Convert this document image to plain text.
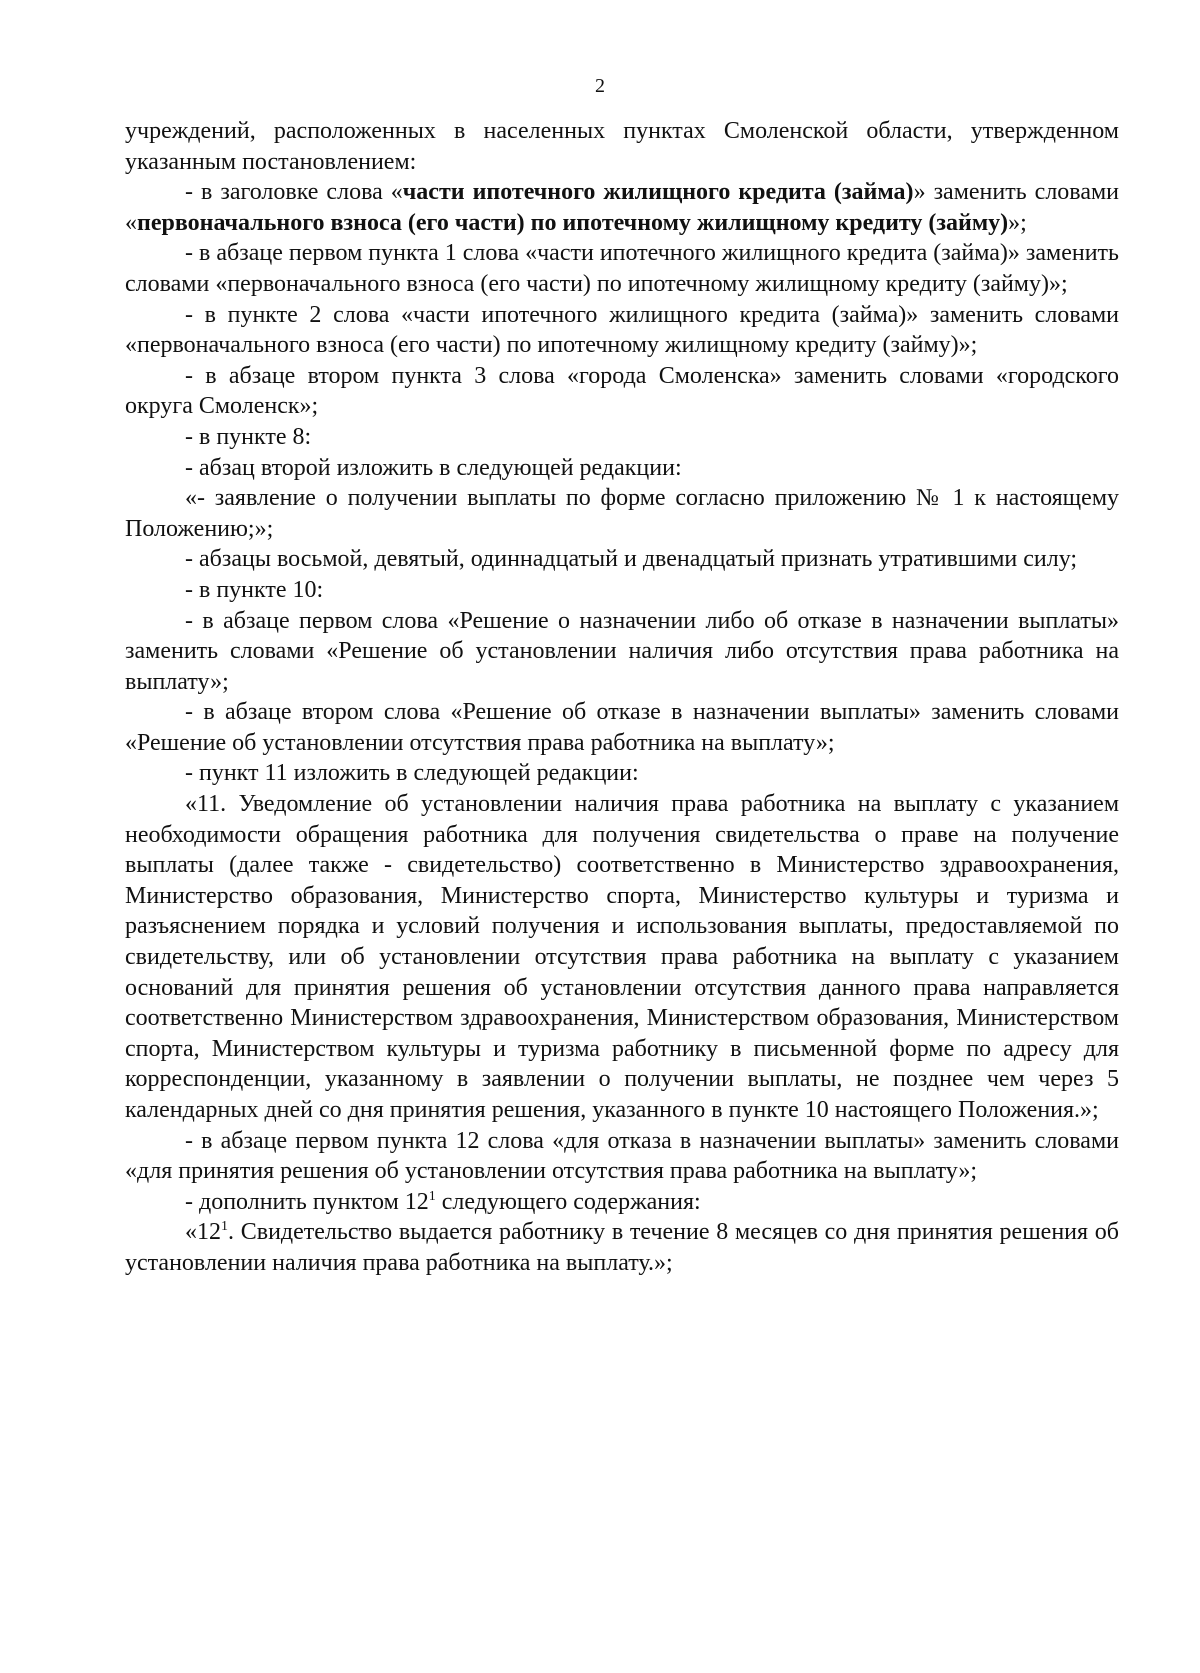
2

учреждений, расположенных в населенных пунктах Смоленской области, утвержденном указанным постановлением:

- в заголовке слова «части ипотечного жилищного кредита (займа)» заменить словами «первоначального взноса (его части) по ипотечному жилищному кредиту (займу)»;

- в абзаце первом пункта 1 слова «части ипотечного жилищного кредита (займа)» заменить словами «первоначального взноса (его части) по ипотечному жилищному кредиту (займу)»;

- в пункте 2 слова «части ипотечного жилищного кредита (займа)» заменить словами «первоначального взноса (его части) по ипотечному жилищному кредиту (займу)»;

- в абзаце втором пункта 3 слова «города Смоленска» заменить словами «городского округа Смоленск»;

- в пункте 8:

- абзац второй изложить в следующей редакции:

«- заявление о получении выплаты по форме согласно приложению № 1 к настоящему Положению;»;

- абзацы восьмой, девятый, одиннадцатый и двенадцатый признать утратившими силу;

- в пункте 10:

- в абзаце первом слова «Решение о назначении либо об отказе в назначении выплаты» заменить словами «Решение об установлении наличия либо отсутствия права работника на выплату»;

- в абзаце втором слова «Решение об отказе в назначении выплаты» заменить словами «Решение об установлении отсутствия права работника на выплату»;

- пункт 11 изложить в следующей редакции:

«11. Уведомление об установлении наличия права работника на выплату с указанием необходимости обращения работника для получения свидетельства о праве на получение выплаты (далее также - свидетельство) соответственно в Министерство здравоохранения, Министерство образования, Министерство спорта, Министерство культуры и туризма и разъяснением порядка и условий получения и использования выплаты, предоставляемой по свидетельству, или об установлении отсутствия права работника на выплату с указанием оснований для принятия решения об установлении отсутствия данного права направляется соответственно Министерством здравоохранения, Министерством образования, Министерством спорта, Министерством культуры и туризма работнику в письменной форме по адресу для корреспонденции, указанному в заявлении о получении выплаты, не позднее чем через 5 календарных дней со дня принятия решения, указанного в пункте 10 настоящего Положения.»;

- в абзаце первом пункта 12 слова «для отказа в назначении выплаты» заменить словами «для принятия решения об установлении отсутствия права работника на выплату»;

- дополнить пунктом $12^1$ следующего содержания:

«$12^1$. Свидетельство выдается работнику в течение 8 месяцев со дня принятия решения об установлении наличия права работника на выплату.»;
